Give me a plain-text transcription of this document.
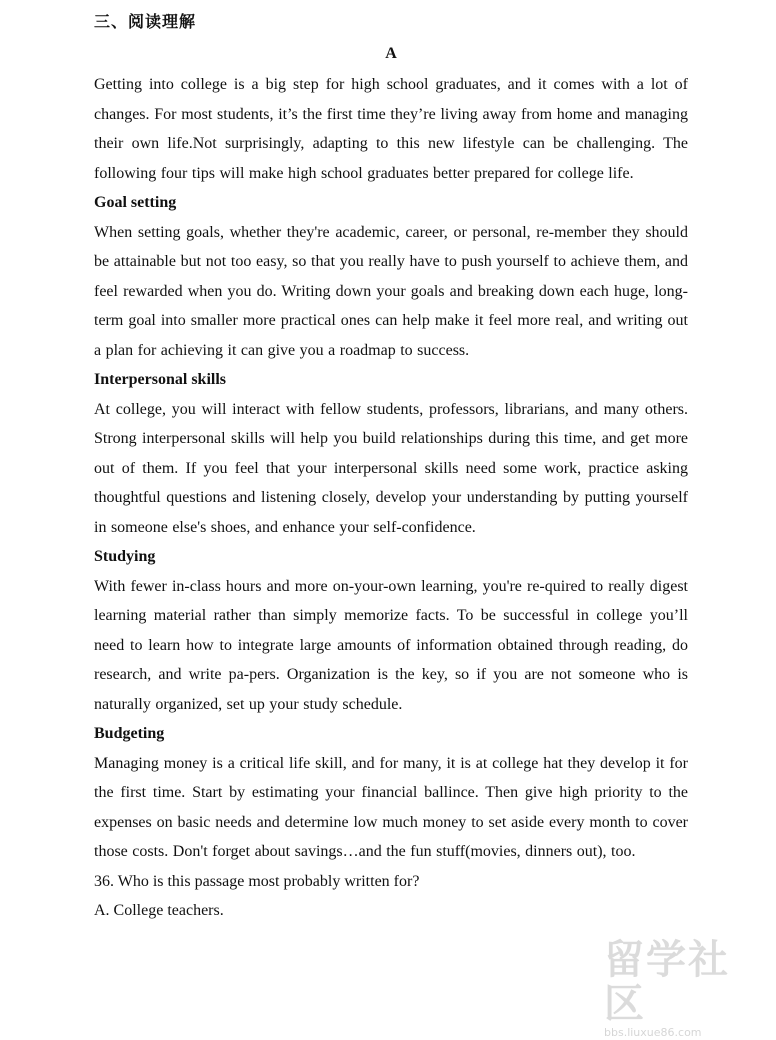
三、阅读理解
A

Getting into college is a big step for high school graduates, and it comes with a lot of changes. For most students, it’s the first time they’re living away from home and managing their own life.Not surprisingly, adapting to this new lifestyle can be challenging. The following four tips will make high school graduates better prepared for college life.

Goal setting

When setting goals, whether they're academic, career, or personal, re-member they should be attainable but not too easy, so that you really have to push yourself to achieve them, and feel rewarded when you do. Writing down your goals and breaking down each huge, long-term goal into smaller more practical ones can help make it feel more real, and writing out a plan for achieving it can give you a roadmap to success.

Interpersonal skills

At college, you will interact with fellow students, professors, librarians, and many others. Strong interpersonal skills will help you build relationships during this time, and get more out of them. If you feel that your interpersonal skills need some work, practice asking thoughtful questions and listening closely, develop your understanding by putting yourself in someone else's shoes, and enhance your self-confidence.

Studying

With fewer in-class hours and more on-your-own learning, you're re-quired to really digest learning material rather than simply memorize facts. To be successful in college you’ll need to learn how to integrate large amounts of information obtained through reading, do research, and write pa-pers. Organization is the key, so if you are not someone who is naturally organized, set up your study schedule.

Budgeting

Managing money is a critical life skill, and for many, it is at college hat they develop it for the first time. Start by estimating your financial ballince. Then give high priority to the expenses on basic needs and determine low much money to set aside every month to cover those costs. Don't forget about savings…and the fun stuff(movies, dinners out), too.

36. Who is this passage most probably written for?
A. College teachers.
留学社区
bbs.liuxue86.com
